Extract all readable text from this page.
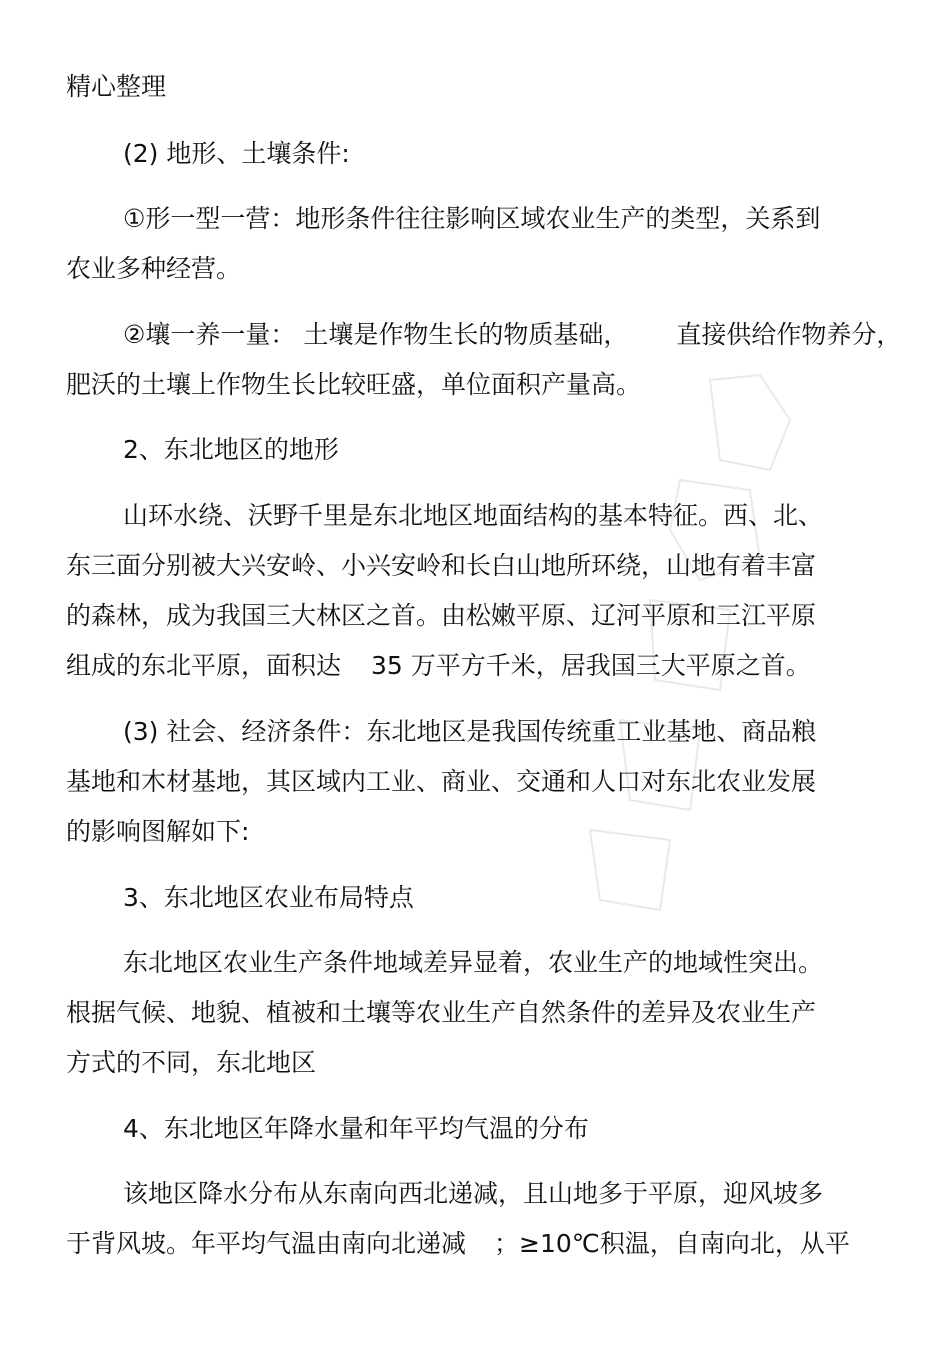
精心整理
(2) 地形、土壤条件:
①形一型一营：地形条件往往影响区域农业生产的类型，关系到
农业多种经营。
②壤一养一量： 土壤是作物生长的物质基础， 直接供给作物养分，
肥沃的土壤上作物生长比较旺盛，单位面积产量高。
2、东北地区的地形
山环水绕、沃野千里是东北地区地面结构的基本特征。西、北、
东三面分别被大兴安岭、小兴安岭和长白山地所环绕，山地有着丰富
的森林，成为我国三大林区之首。由松嫩平原、辽河平原和三江平原
组成的东北平原，面积达 35 万平方千米，居我国三大平原之首。
(3) 社会、经济条件：东北地区是我国传统重工业基地、商品粮
基地和木材基地，其区域内工业、商业、交通和人口对东北农业发展
的影响图解如下:
3、东北地区农业布局特点
东北地区农业生产条件地域差异显着，农业生产的地域性突出。
根据气候、地貌、植被和土壤等农业生产自然条件的差异及农业生产
方式的不同，东北地区
4、东北地区年降水量和年平均气温的分布
该地区降水分布从东南向西北递减，且山地多于平原，迎风坡多
于背风坡。年平均气温由南向北递减 ；≥10℃积温，自南向北，从平
